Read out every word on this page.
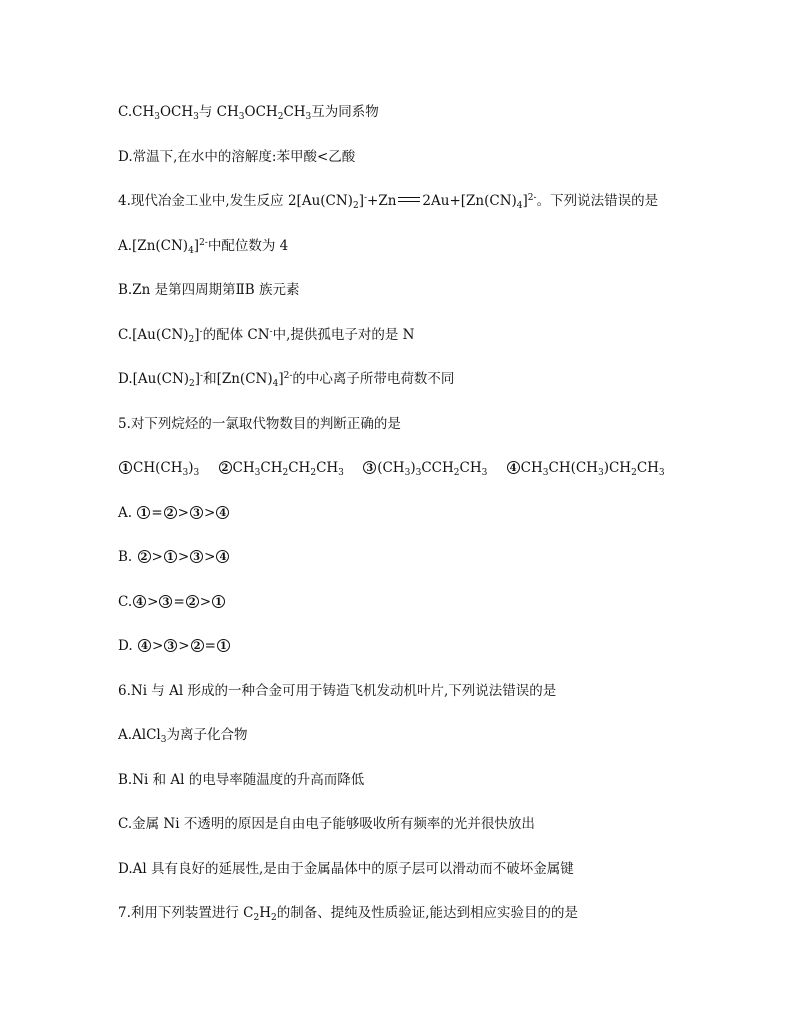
$C.CH_3OCH_3$与 $CH_3OCH_2CH_3$互为同系物
D.常温下,在水中的溶解度:苯甲酸<乙酸
4.现代冶金工业中,发生反应 $2[Au(CN)_2]^-+Zn$ $2Au+[Zn(CN)_4]^{2-}$。下列说法错误的是
$A.[Zn(CN)_4]^{2-}$中配位数为 4
B.Zn 是第四周期第ⅡB 族元素
$C.[Au(CN)_2]^-$的配体 CN-中,提供孤电子对的是 N
$D.[Au(CN)_2]^-$和$[Zn(CN)_4]^{2-}$的中心离子所带电荷数不同
5.对下列烷烃的一氯取代物数目的判断正确的是
1 $CH(CH_3)_3$ 2 $CH_3CH_2CH_2CH_3$ 3 $(CH_3)_3CCH_2CH_3$ 4 $CH_3CH(CH_3)CH_2CH_3$
A. 1 = 2 > 3 > 4
B. 2 > 1 > 3 > 4
C. 4 > 3 = 2 > 1
D. 4 > 3 > 2 = 1
6.Ni 与 Al 形成的一种合金可用于铸造飞机发动机叶片,下列说法错误的是
A.AlCl$_3$为离子化合物
B.Ni 和 Al 的电导率随温度的升高而降低
C.金属 Ni 不透明的原因是自由电子能够吸收所有频率的光并很快放出
D.Al 具有良好的延展性,是由于金属晶体中的原子层可以滑动而不破坏金属键
7.利用下列装置进行 $C_2H_2$的制备、提纯及性质验证,能达到相应实验目的的是
